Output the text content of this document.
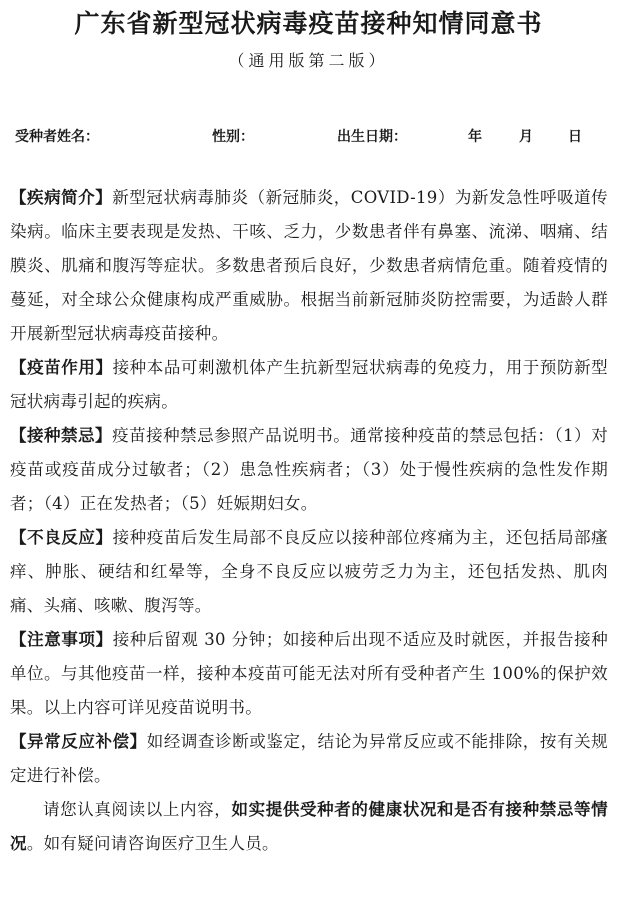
广东省新型冠状病毒疫苗接种知情同意书
（通用版第二版）
受种者姓名：	性别：	出生日期：	年	月	日

【疾病简介】新型冠状病毒肺炎（新冠肺炎，COVID-19）为新发急性呼吸道传染病。临床主要表现是发热、干咳、乏力，少数患者伴有鼻塞、流涕、咽痛、结膜炎、肌痛和腹泻等症状。多数患者预后良好，少数患者病情危重。随着疫情的蔓延，对全球公众健康构成严重威胁。根据当前新冠肺炎防控需要，为适龄人群开展新型冠状病毒疫苗接种。

【疫苗作用】接种本品可刺激机体产生抗新型冠状病毒的免疫力，用于预防新型冠状病毒引起的疾病。

【接种禁忌】疫苗接种禁忌参照产品说明书。通常接种疫苗的禁忌包括：（1）对疫苗或疫苗成分过敏者；（2）患急性疾病者；（3）处于慢性疾病的急性发作期者；（4）正在发热者；（5）妊娠期妇女。

【不良反应】接种疫苗后发生局部不良反应以接种部位疼痛为主，还包括局部瘙痒、肿胀、硬结和红晕等，全身不良反应以疲劳乏力为主，还包括发热、肌肉痛、头痛、咳嗽、腹泻等。

【注意事项】接种后留观 30 分钟；如接种后出现不适应及时就医，并报告接种单位。与其他疫苗一样，接种本疫苗可能无法对所有受种者产生 100%的保护效果。以上内容可详见疫苗说明书。

【异常反应补偿】如经调查诊断或鉴定，结论为异常反应或不能排除，按有关规定进行补偿。

请您认真阅读以上内容，如实提供受种者的健康状况和是否有接种禁忌等情况。如有疑问请咨询医疗卫生人员。
